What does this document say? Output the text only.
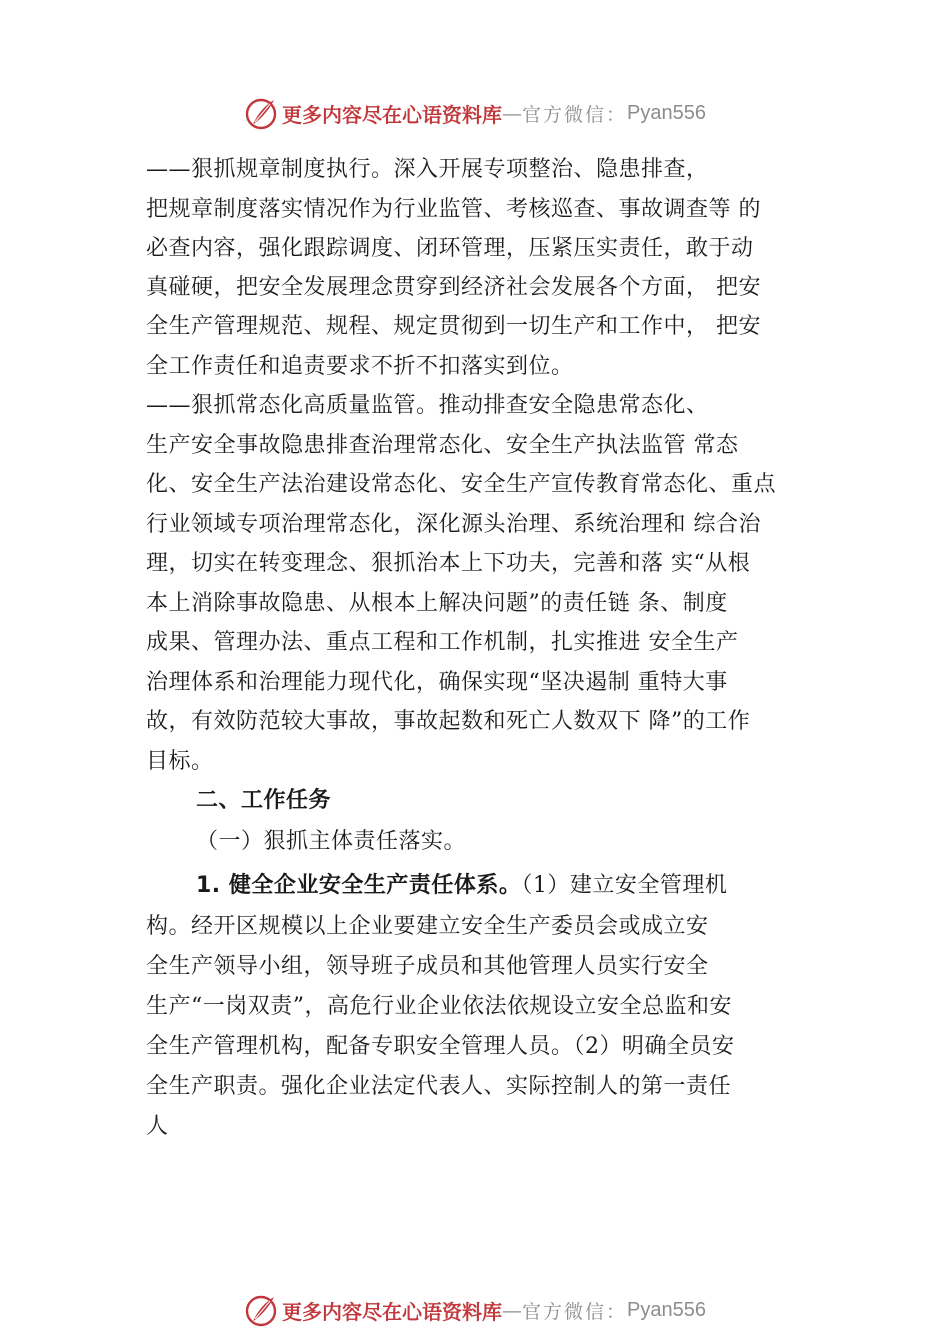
更多内容尽在心语资料库 — 官方微信： Pyan556
——狠抓规章制度执行。深入开展专项整治、隐患排查，
把规章制度落实情况作为行业监管、考核巡查、事故调查等 的
必查内容，强化跟踪调度、闭环管理，压紧压实责任，敢于动
真碰硬，把安全发展理念贯穿到经济社会发展各个方面， 把安
全生产管理规范、规程、规定贯彻到一切生产和工作中， 把安
全工作责任和追责要求不折不扣落实到位。
——狠抓常态化高质量监管。推动排查安全隐患常态化、
生产安全事故隐患排查治理常态化、安全生产执法监管 常态
化、安全生产法治建设常态化、安全生产宣传教育常态化、重点
行业领域专项治理常态化，深化源头治理、系统治理和 综合治
理，切实在转变理念、狠抓治本上下功夫，完善和落 实“从根
本上消除事故隐患、从根本上解决问题”的责任链 条、制度
成果、管理办法、重点工程和工作机制，扎实推进 安全生产
治理体系和治理能力现代化，确保实现“坚决遏制 重特大事
故，有效防范较大事故，事故起数和死亡人数双下 降”的工作
目标。
二、工作任务
（一）狠抓主体责任落实。
1. 健全企业安全生产责任体系。（1）建立安全管理机
构。经开区规模以上企业要建立安全生产委员会或成立安
全生产领导小组，领导班子成员和其他管理人员实行安全
生产“一岗双责”，高危行业企业依法依规设立安全总监和安
全生产管理机构，配备专职安全管理人员。（2）明确全员安
全生产职责。强化企业法定代表人、实际控制人的第一责任
人
更多内容尽在心语资料库 — 官方微信： Pyan556
